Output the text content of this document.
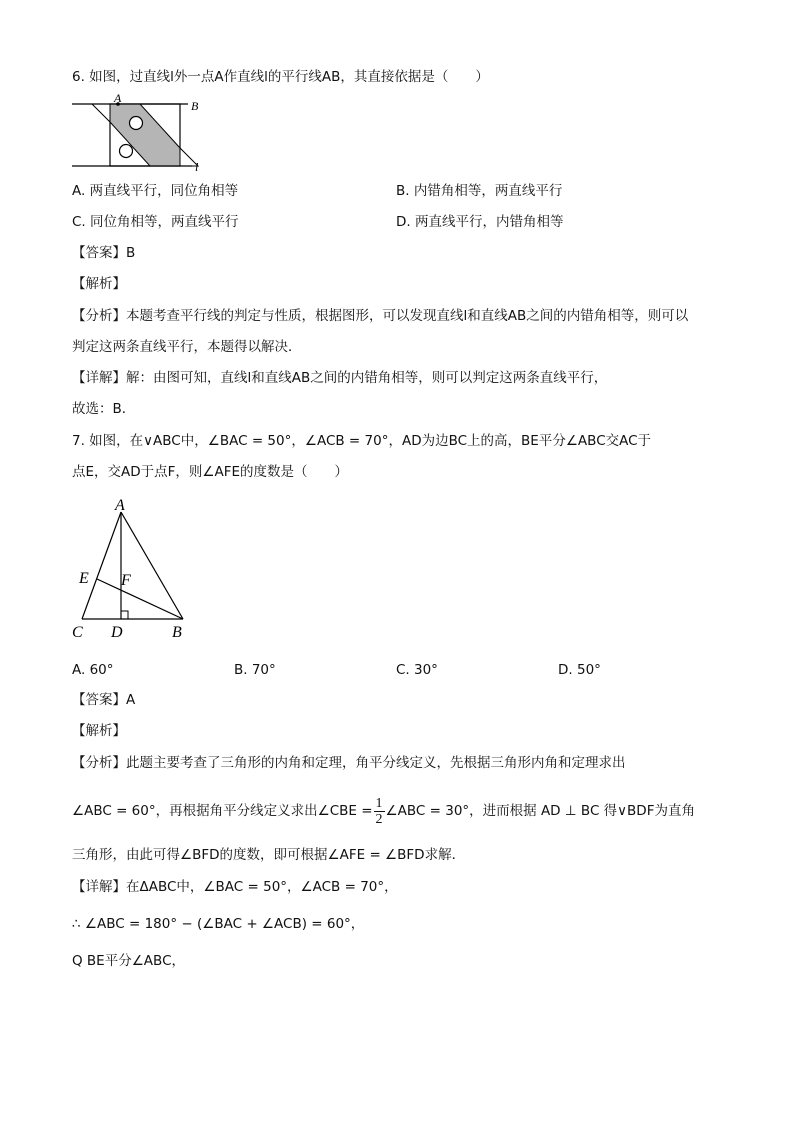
6. 如图，过直线l外一点A作直线l的平行线AB，其直接依据是（　　）
A
B
l
A. 两直线平行，同位角相等	B. 内错角相等，两直线平行
C. 同位角相等，两直线平行	D. 两直线平行，内错角相等
【答案】B
【解析】
【分析】本题考查平行线的判定与性质，根据图形，可以发现直线l和直线AB之间的内错角相等，则可以
判定这两条直线平行，本题得以解决．
【详解】解：由图可知，直线l和直线AB之间的内错角相等，则可以判定这两条直线平行，
故选：B．
7. 如图，在∨ABC中，∠BAC = 50°，∠ACB = 70°，AD为边BC上的高，BE平分∠ABC交AC于
点E，交AD于点F，则∠AFE的度数是（　　）
A
E F
C D	B
A. 60°	B. 70°	C. 30°	D. 50°
【答案】A
【解析】
【分析】此题主要考查了三角形的内角和定理，角平分线定义，先根据三角形内角和定理求出
∠ABC = 60°，再根据角平分线定义求出∠CBE = $\frac{1}{2}$ ∠ABC = 30°，进而根据 AD ⊥ BC 得∨BDF为直角
三角形，由此可得∠BFD的度数，即可根据∠AFE = ∠BFD求解．
【详解】在ΔABC中，∠BAC = 50°，∠ACB = 70°，
∴ ∠ABC = 180° − (∠BAC + ∠ACB) = 60°，
Q BE平分∠ABC，
